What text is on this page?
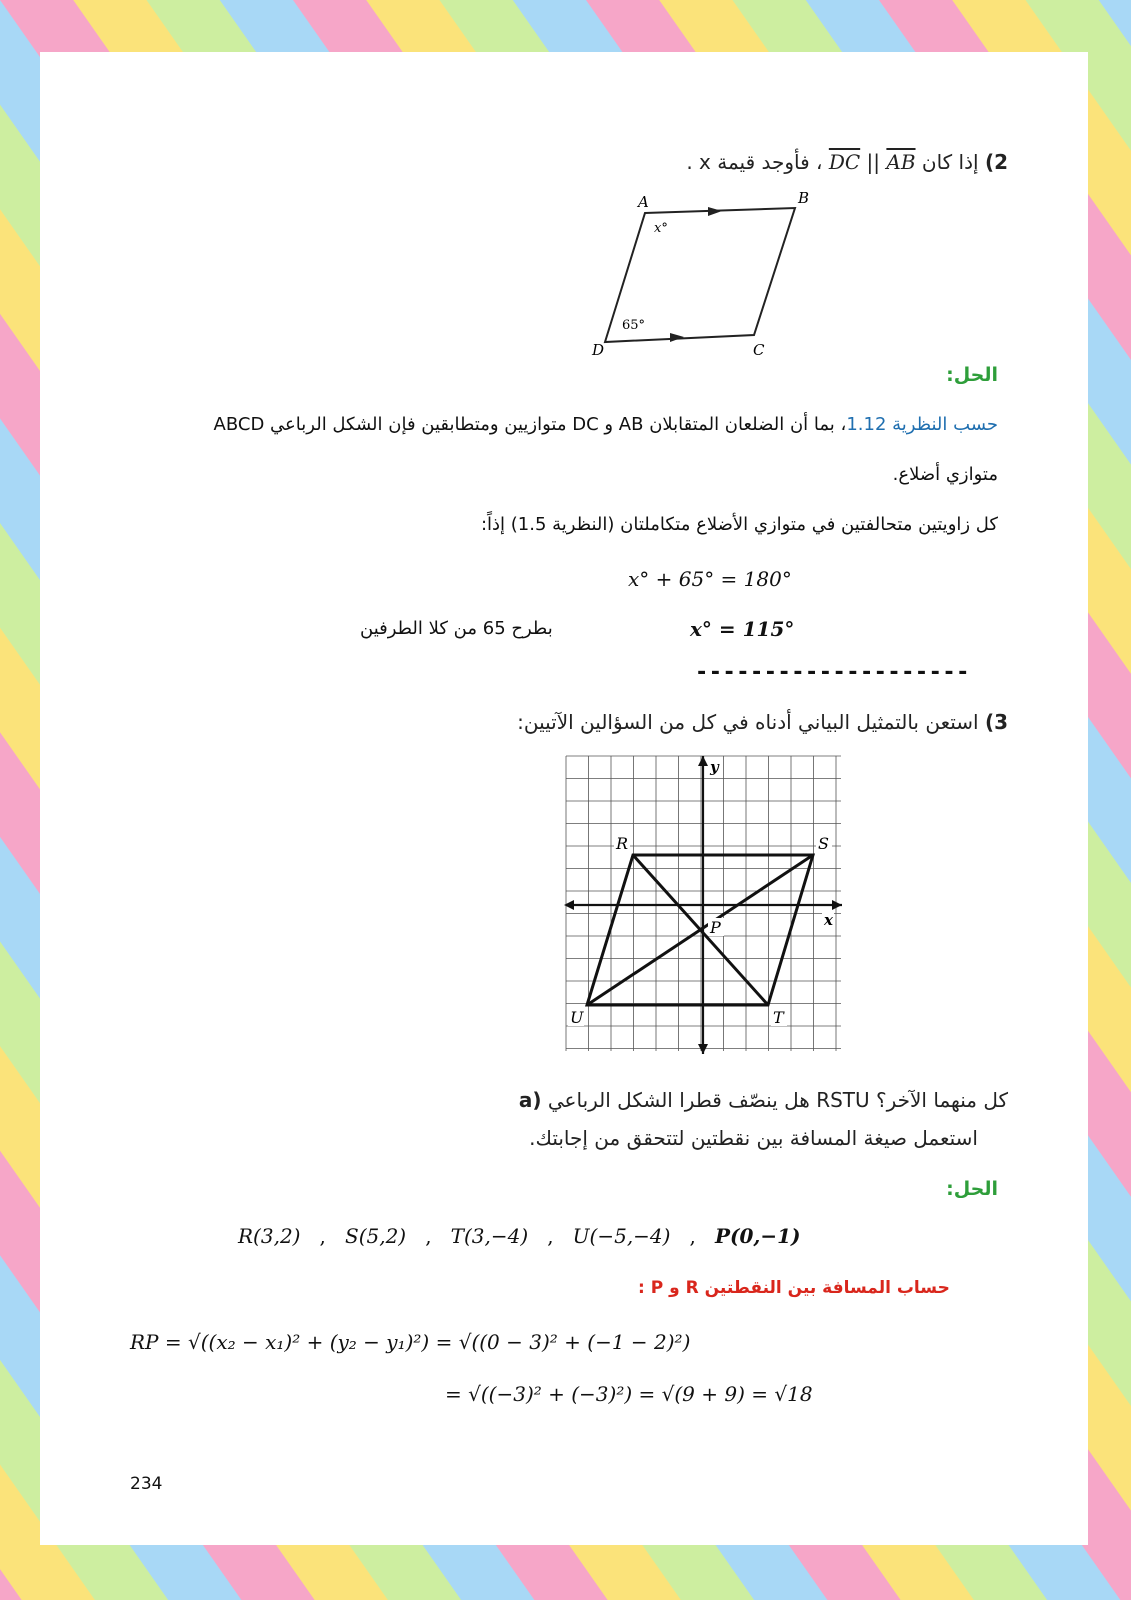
2) إذا كان DC || AB ، فأوجد قيمة x .
A	B
C
D
x°
65°
الحل:
حسب النظرية 1.12، بما أن الضلعان المتقابلان AB و DC متوازيين ومتطابقين فإن الشكل الرباعي ABCD
متوازي أضلاع.
كل زاويتين متحالفتين في متوازي الأضلاع متكاملتان (النظرية 1.5) إذاً:
x° + 65° = 180°
x° = 115°
بطرح 65 من كلا الطرفين
--------------------
3) استعن بالتمثيل البياني أدناه في كل من السؤالين الآتيين:
x
y
R	S
T
U
P
a) هل ينصّف قطرا الشكل الرباعي RSTU كل منهما الآخر؟
استعمل صيغة المسافة بين نقطتين لتتحقق من إجابتك.
الحل:
R(3,2)   ,   S(5,2)   ,   T(3,−4)   ,   U(−5,−4)   ,   P(0,−1)
حساب المسافة بين النقطتين R و P :
RP = √((x₂ − x₁)² + (y₂ − y₁)²) = √((0 − 3)² + (−1 − 2)²)
= √((−3)² + (−3)²) = √(9 + 9) = √18
234
